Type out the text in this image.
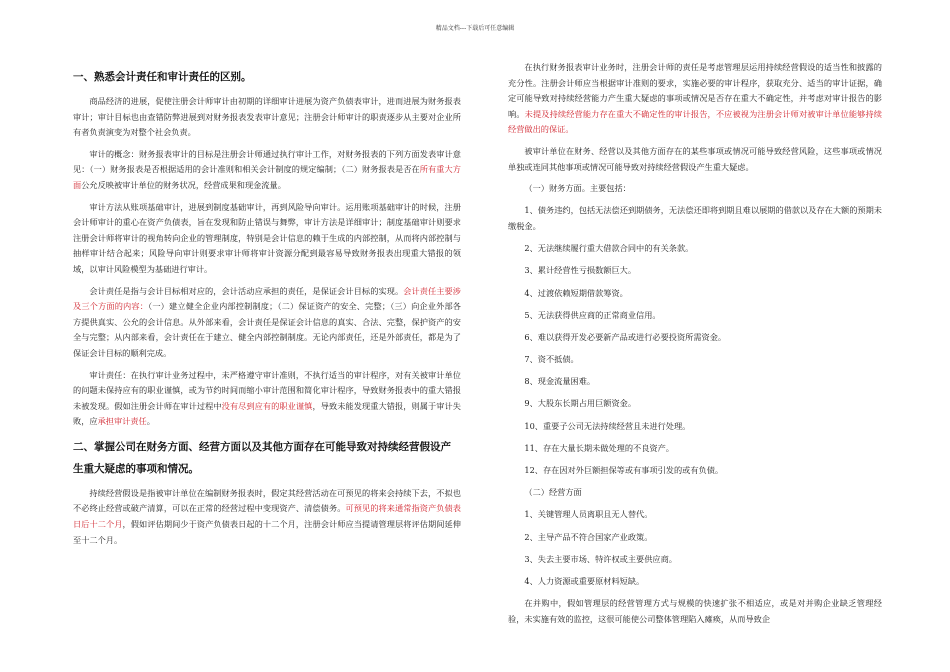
精品文档---下载后可任意编辑
一、熟悉会计责任和审计责任的区别。

商品经济的进展，促使注册会计师审计由初期的详细审计进展为资产负债表审计，进而进展为财务报表审计；审计目标也由查错防弊进展到对财务报表发表审计意见；注册会计师审计的职责逐步从主要对企业所有者负责演变为对整个社会负责。

审计的概念：财务报表审计的目标是注册会计师通过执行审计工作，对财务报表的下列方面发表审计意见：（一）财务报表是否根据适用的会计准则和相关会计制度的规定编制；（二）财务报表是否在所有重大方面公允反映被审计单位的财务状况，经营成果和现金流量。

审计方法从账项基础审计，进展到制度基础审计，再到风险导向审计。运用账项基础审计的时候，注册会计师审计的重心在资产负债表，旨在发现和防止错误与舞弊，审计方法是详细审计；制度基础审计则要求注册会计师将审计的视角转向企业的管理制度，特别是会计信息的赖于生成的内部控制，从而将内部控制与抽样审计结合起来；风险导向审计则要求审计师将审计资源分配到最容易导致财务报表出现重大错报的领域，以审计风险模型为基础进行审计。

会计责任是指与会计目标相对应的，会计活动应承担的责任，是保证会计目标的实现。会计责任主要涉及三个方面的内容：（一）建立健全企业内部控制制度；（二）保证资产的安全、完整；（三）向企业外部各方提供真实、公允的会计信息。从外部来看，会计责任是保证会计信息的真实、合法、完整，保护资产的安全与完整；从内部来看，会计责任在于建立、健全内部控制制度。无论内部责任，还是外部责任，都是为了保证会计目标的顺利完成。

审计责任：在执行审计业务过程中，未严格遵守审计准则，不执行适当的审计程序，对有关被审计单位的问题未保持应有的职业谨慎，或为节约时间而缩小审计范围和简化审计程序，导致财务报表中的重大错报未被发现。假如注册会计师在审计过程中没有尽到应有的职业谨慎，导致未能发现重大错报，则属于审计失败，应承担审计责任。

二、掌握公司在财务方面、经营方面以及其他方面存在可能导致对持续经营假设产生重大疑虑的事项和情况。

持续经营假设是指被审计单位在编制财务报表时，假定其经营活动在可预见的将来会持续下去，不拟也不必终止经营或破产清算，可以在正常的经营过程中变现资产、清偿债务。可预见的将来通常指资产负债表日后十二个月，假如评估期间少于资产负债表日起的十二个月，注册会计师应当提请管理层将评估期间延伸至十二个月。

在执行财务报表审计业务时，注册会计师的责任是考虑管理层运用持续经营假设的适当性和披露的充分性。注册会计师应当根据审计准则的要求，实施必要的审计程序，获取充分、适当的审计证据，确定可能导致对持续经营能力产生重大疑虑的事项或情况是否存在重大不确定性，并考虑对审计报告的影响。未提及持续经营能力存在重大不确定性的审计报告，不应被视为注册会计师对被审计单位能够持续经营做出的保证。

被审计单位在财务、经营以及其他方面存在的某些事项或情况可能导致经营风险，这些事项或情况单独或连同其他事项或情况可能导致对持续经营假设产生重大疑虑。

（一）财务方面。主要包括：

1、债务违约，包括无法偿还到期债务，无法偿还即将到期且难以展期的借款以及存在大额的预期未缴税金。

2、无法继续履行重大借款合同中的有关条款。

3、累计经营性亏损数额巨大。

4、过渡依赖短期借款筹资。

5、无法获得供应商的正常商业信用。

6、难以获得开发必要新产品或进行必要投资所需资金。

7、资不抵债。

8、现金流量困难。

9、大股东长期占用巨额资金。

10、重要子公司无法持续经营且未进行处理。

11、存在大量长期未做处理的不良资产。

12、存在因对外巨额担保等或有事项引发的或有负债。

（二）经营方面

1、关键管理人员离职且无人替代。

2、主导产品不符合国家产业政策。

3、失去主要市场、特许权或主要供应商。

4、人力资源或重要原材料短缺。

在并购中，假如管理层的经营管理方式与规模的快速扩张不相适应，或是对并购企业缺乏管理经验，未实施有效的监控，这很可能使公司整体管理陷入瘫痪，从而导致企
